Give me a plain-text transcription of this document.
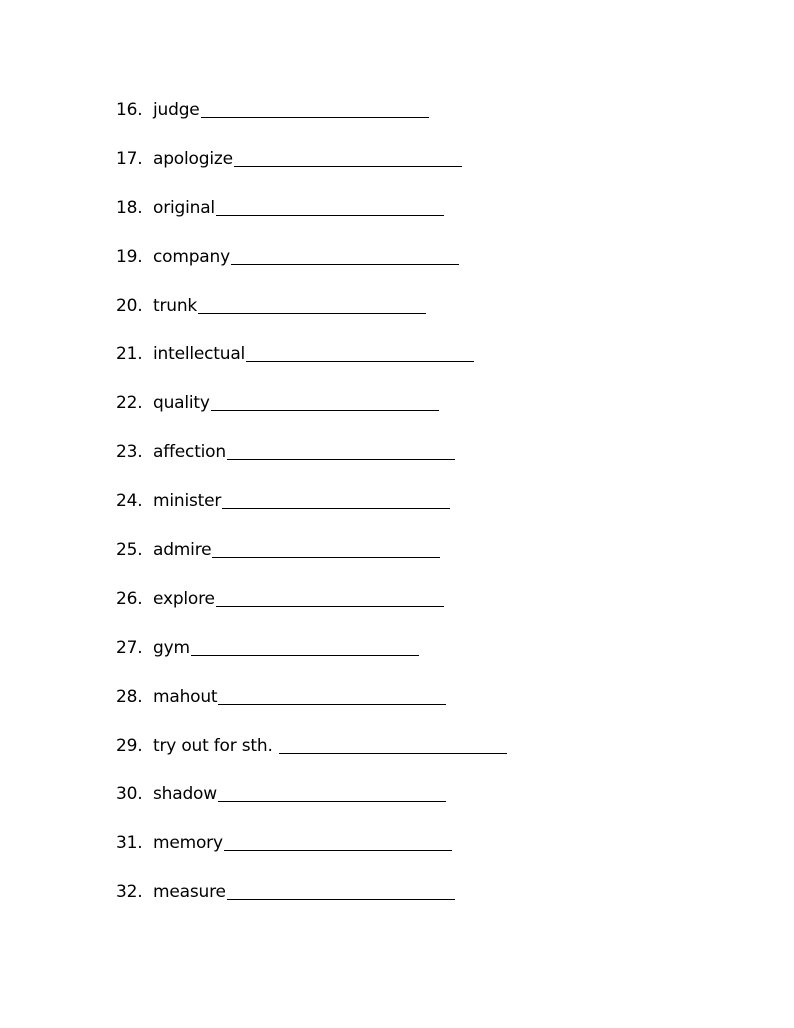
16. judge
17. apologize
18. original
19. company
20. trunk
21. intellectual
22. quality
23. affection
24. minister
25. admire
26. explore
27. gym
28. mahout
29. try out for sth.
30. shadow
31. memory
32. measure
